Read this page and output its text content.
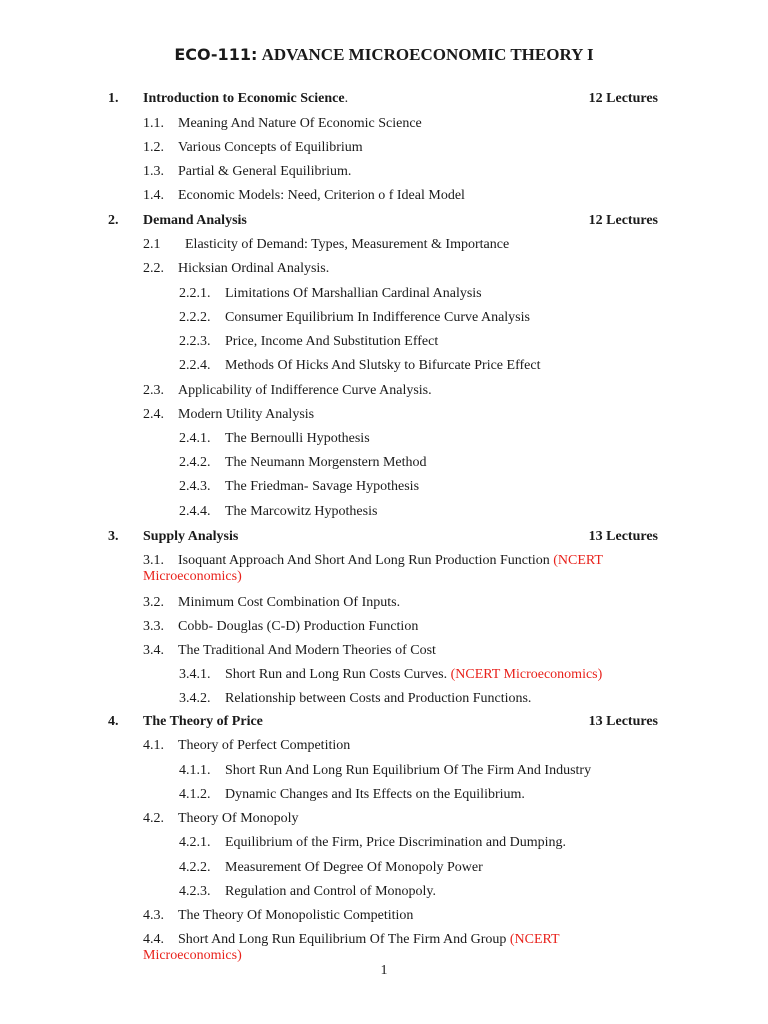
ECO-111: ADVANCE MICROECONOMIC THEORY I
1. Introduction to Economic Science.	12 Lectures
1.1. Meaning And Nature Of Economic Science
1.2. Various Concepts of Equilibrium
1.3. Partial & General Equilibrium.
1.4. Economic Models: Need, Criterion o f Ideal Model
2. Demand Analysis	12 Lectures
2.1 Elasticity of Demand: Types, Measurement & Importance
2.2. Hicksian Ordinal Analysis.
2.2.1. Limitations Of Marshallian Cardinal Analysis
2.2.2. Consumer Equilibrium In Indifference Curve Analysis
2.2.3. Price, Income And Substitution Effect
2.2.4. Methods Of Hicks And Slutsky to Bifurcate Price Effect
2.3. Applicability of Indifference Curve Analysis.
2.4. Modern Utility Analysis
2.4.1. The Bernoulli Hypothesis
2.4.2. The Neumann Morgenstern Method
2.4.3. The Friedman- Savage Hypothesis
2.4.4. The Marcowitz Hypothesis
3. Supply Analysis	13 Lectures
3.1. Isoquant Approach And Short And Long Run Production Function (NCERT
Microeconomics)
3.2. Minimum Cost Combination Of Inputs.
3.3. Cobb- Douglas (C-D) Production Function
3.4. The Traditional And Modern Theories of Cost
3.4.1. Short Run and Long Run Costs Curves. (NCERT Microeconomics)
3.4.2. Relationship between Costs and Production Functions.
4. The Theory of Price	13 Lectures
4.1. Theory of Perfect Competition
4.1.1. Short Run And Long Run Equilibrium Of The Firm And Industry
4.1.2. Dynamic Changes and Its Effects on the Equilibrium.
4.2. Theory Of Monopoly
4.2.1. Equilibrium of the Firm, Price Discrimination and Dumping.
4.2.2. Measurement Of Degree Of Monopoly Power
4.2.3. Regulation and Control of Monopoly.
4.3. The Theory Of Monopolistic Competition
4.4. Short And Long Run Equilibrium Of The Firm And Group (NCERT
Microeconomics)
1
